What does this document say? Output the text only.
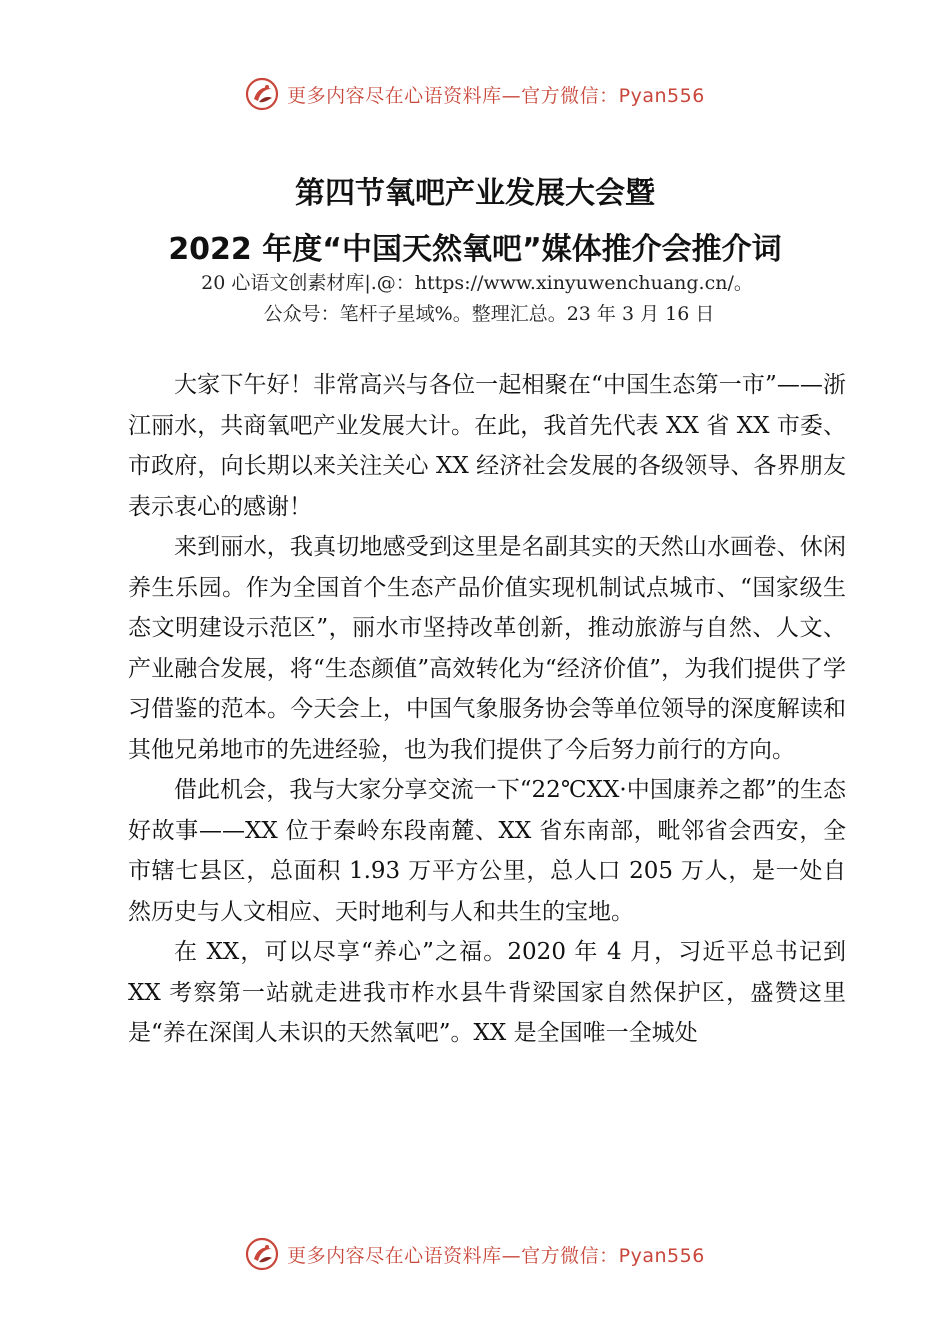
更多内容尽在心语资料库—官方微信：Pyan556
第四节氧吧产业发展大会暨
2022 年度“中国天然氧吧”媒体推介会推介词
20 心语文创素材库|.@：https://www.xinyuwenchuang.cn/。
公众号：笔杆子星域%。整理汇总。23 年 3 月 16 日

大家下午好！非常高兴与各位一起相聚在“中国生态第一市”——浙江丽水，共商氧吧产业发展大计。在此，我首先代表 XX 省 XX 市委、市政府，向长期以来关注关心 XX 经济社会发展的各级领导、各界朋友表示衷心的感谢！

来到丽水，我真切地感受到这里是名副其实的天然山水画卷、休闲养生乐园。作为全国首个生态产品价值实现机制试点城市、“国家级生态文明建设示范区”，丽水市坚持改革创新，推动旅游与自然、人文、产业融合发展，将“生态颜值”高效转化为“经济价值”，为我们提供了学习借鉴的范本。今天会上，中国气象服务协会等单位领导的深度解读和其他兄弟地市的先进经验，也为我们提供了今后努力前行的方向。

借此机会，我与大家分享交流一下“22℃XX·中国康养之都”的生态好故事——XX 位于秦岭东段南麓、XX 省东南部，毗邻省会西安，全市辖七县区，总面积 1.93 万平方公里，总人口 205 万人，是一处自然历史与人文相应、天时地利与人和共生的宝地。

在 XX，可以尽享“养心”之福。2020 年 4 月，习近平总书记到 XX 考察第一站就走进我市柞水县牛背梁国家自然保护区，盛赞这里是“养在深闺人未识的天然氧吧”。XX 是全国唯一全城处

更多内容尽在心语资料库—官方微信：Pyan556
